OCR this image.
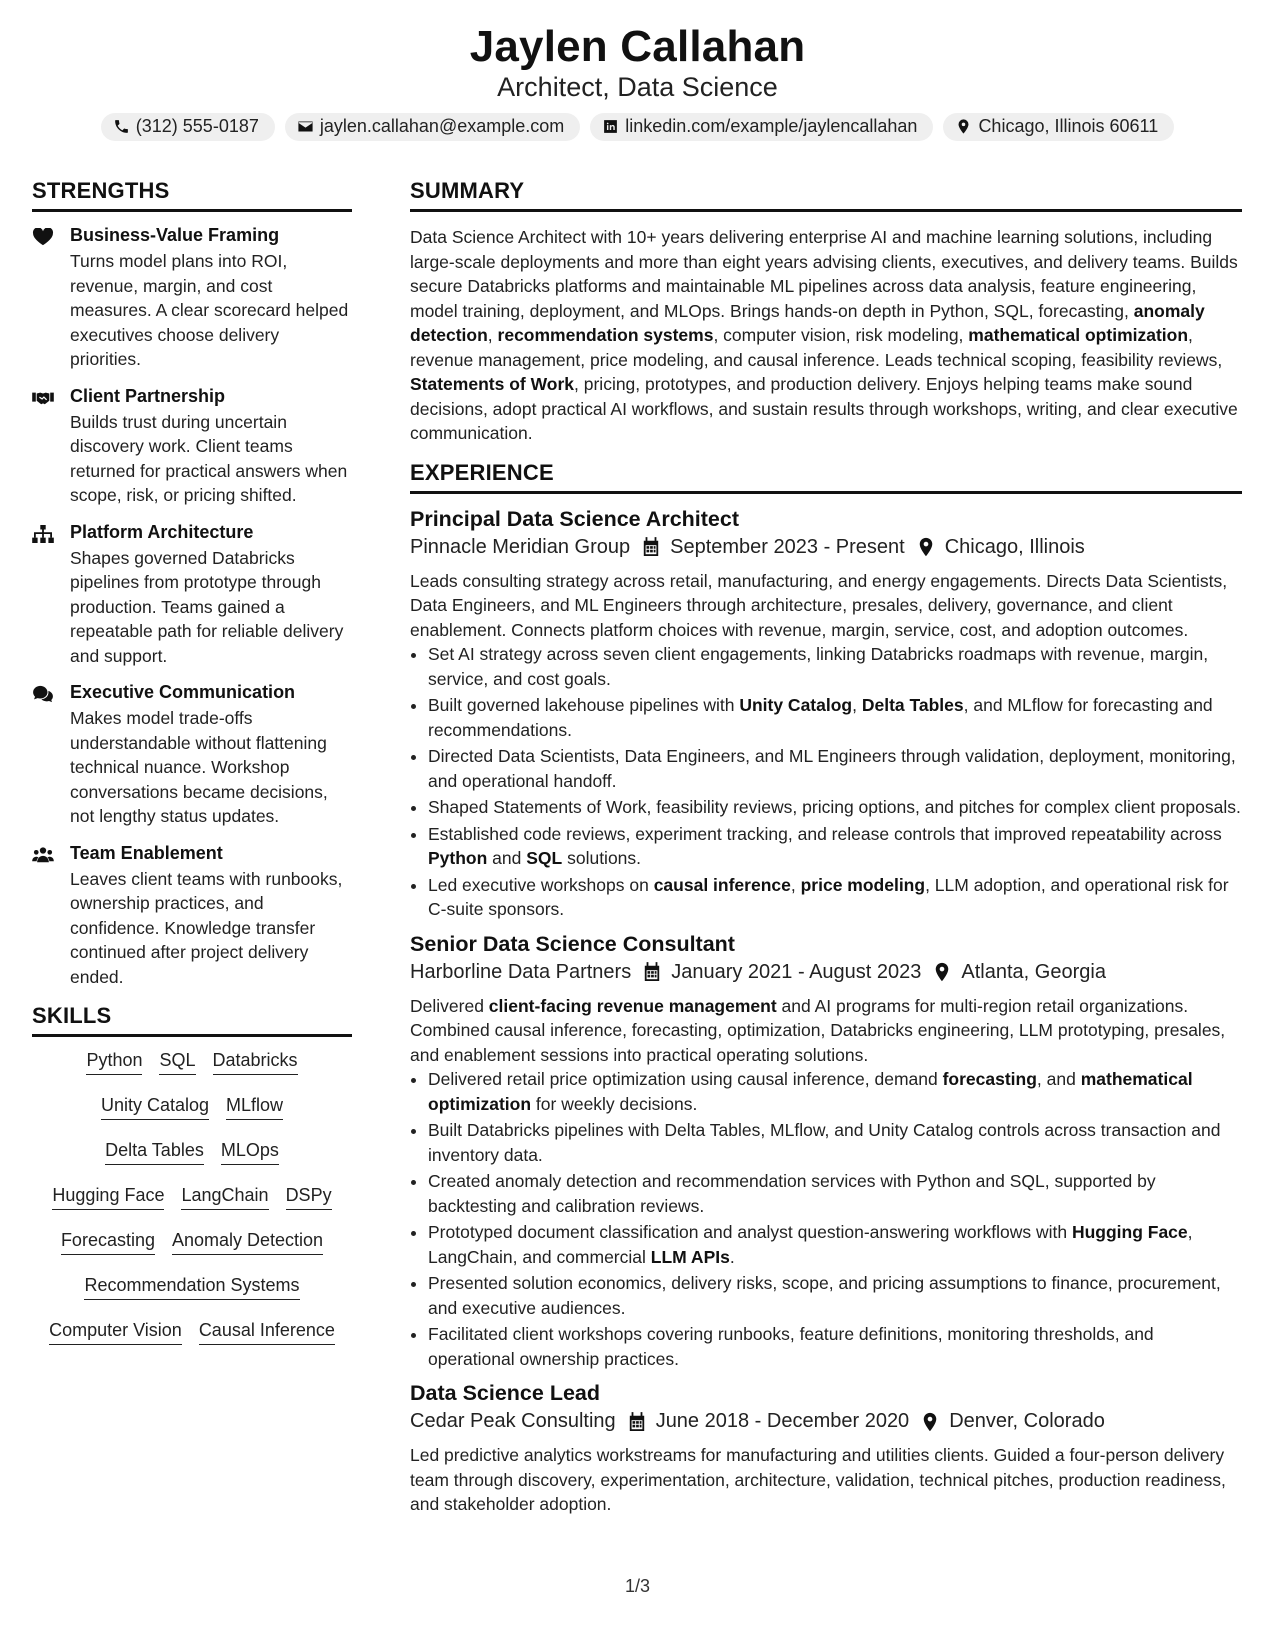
Jaylen Callahan
Architect, Data Science
(312) 555-0187	jaylen.callahan@example.com	linkedin.com/example/jaylencallahan	Chicago, Illinois 60611
STRENGTHS
Business-Value Framing
Turns model plans into ROI, revenue, margin, and cost measures. A clear scorecard helped executives choose delivery priorities.
Client Partnership
Builds trust during uncertain discovery work. Client teams returned for practical answers when scope, risk, or pricing shifted.
Platform Architecture
Shapes governed Databricks pipelines from prototype through production. Teams gained a repeatable path for reliable delivery and support.
Executive Communication
Makes model trade-offs understandable without flattening technical nuance. Workshop conversations became decisions, not lengthy status updates.
Team Enablement
Leaves client teams with runbooks, ownership practices, and confidence. Knowledge transfer continued after project delivery ended.
SKILLS
Python SQL Databricks
Unity Catalog MLflow
Delta Tables MLOps
Hugging Face LangChain DSPy
Forecasting Anomaly Detection
Recommendation Systems
Computer Vision Causal Inference
SUMMARY
Data Science Architect with 10+ years delivering enterprise AI and machine learning solutions, including large-scale deployments and more than eight years advising clients, executives, and delivery teams. Builds secure Databricks platforms and maintainable ML pipelines across data analysis, feature engineering, model training, deployment, and MLOps. Brings hands-on depth in Python, SQL, forecasting, anomaly detection, recommendation systems, computer vision, risk modeling, mathematical optimization, revenue management, price modeling, and causal inference. Leads technical scoping, feasibility reviews, Statements of Work, pricing, prototypes, and production delivery. Enjoys helping teams make sound decisions, adopt practical AI workflows, and sustain results through workshops, writing, and clear executive communication.
EXPERIENCE
Principal Data Science Architect
Pinnacle Meridian Group September 2023 - Present Chicago, Illinois
Leads consulting strategy across retail, manufacturing, and energy engagements. Directs Data Scientists, Data Engineers, and ML Engineers through architecture, presales, delivery, governance, and client enablement. Connects platform choices with revenue, margin, service, cost, and adoption outcomes.
• Set AI strategy across seven client engagements, linking Databricks roadmaps with revenue, margin, service, and cost goals.
• Built governed lakehouse pipelines with Unity Catalog, Delta Tables, and MLflow for forecasting and recommendations.
• Directed Data Scientists, Data Engineers, and ML Engineers through validation, deployment, monitoring, and operational handoff.
• Shaped Statements of Work, feasibility reviews, pricing options, and pitches for complex client proposals.
• Established code reviews, experiment tracking, and release controls that improved repeatability across Python and SQL solutions.
• Led executive workshops on causal inference, price modeling, LLM adoption, and operational risk for C-suite sponsors.
Senior Data Science Consultant
Harborline Data Partners January 2021 - August 2023 Atlanta, Georgia
Delivered client-facing revenue management and AI programs for multi-region retail organizations. Combined causal inference, forecasting, optimization, Databricks engineering, LLM prototyping, presales, and enablement sessions into practical operating solutions.
• Delivered retail price optimization using causal inference, demand forecasting, and mathematical optimization for weekly decisions.
• Built Databricks pipelines with Delta Tables, MLflow, and Unity Catalog controls across transaction and inventory data.
• Created anomaly detection and recommendation services with Python and SQL, supported by backtesting and calibration reviews.
• Prototyped document classification and analyst question-answering workflows with Hugging Face, LangChain, and commercial LLM APIs.
• Presented solution economics, delivery risks, scope, and pricing assumptions to finance, procurement, and executive audiences.
• Facilitated client workshops covering runbooks, feature definitions, monitoring thresholds, and operational ownership practices.
Data Science Lead
Cedar Peak Consulting June 2018 - December 2020 Denver, Colorado
Led predictive analytics workstreams for manufacturing and utilities clients. Guided a four-person delivery team through discovery, experimentation, architecture, validation, technical pitches, production readiness, and stakeholder adoption.
1/3
